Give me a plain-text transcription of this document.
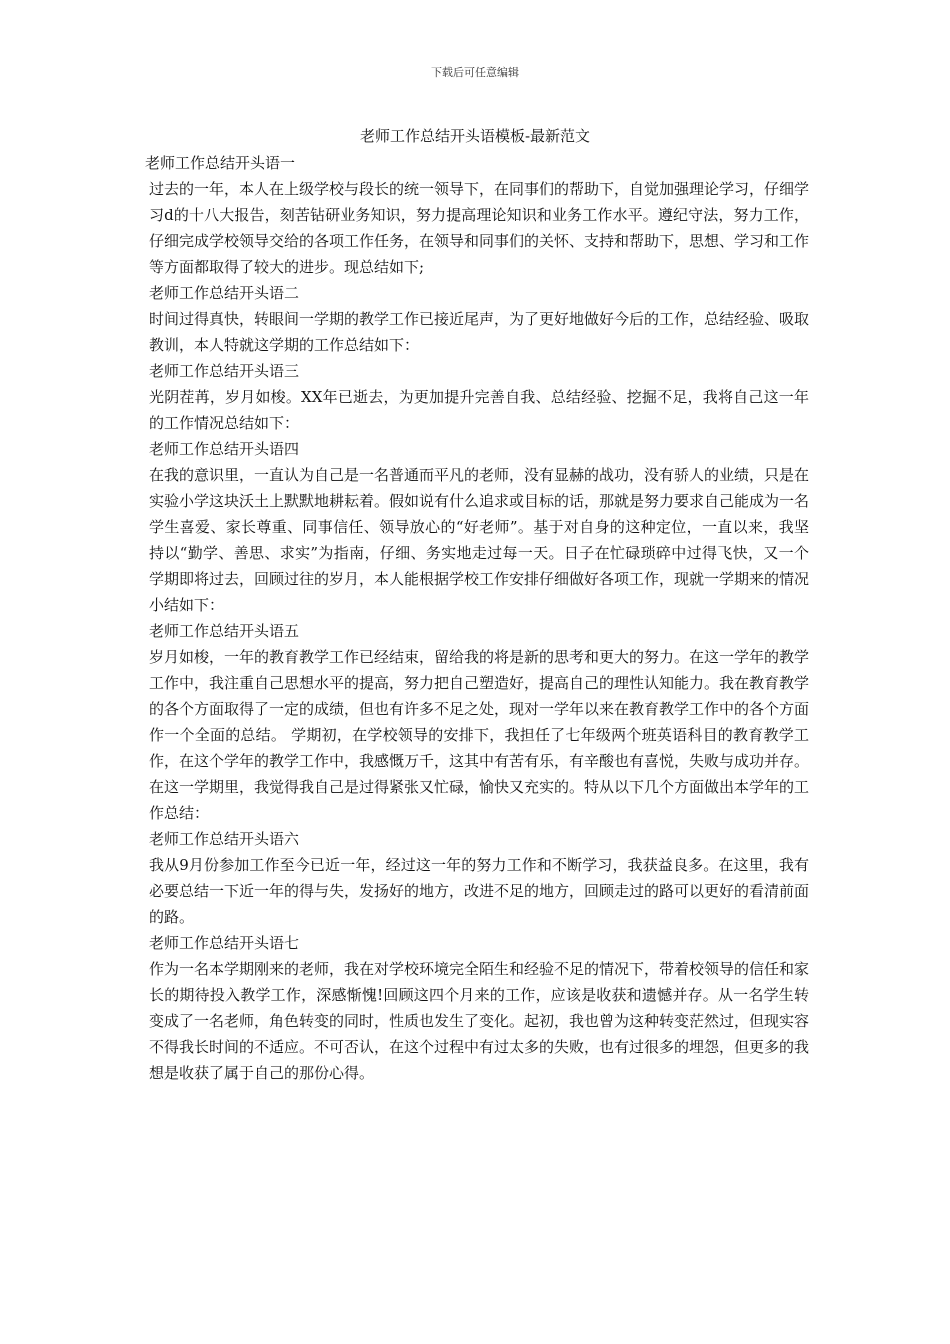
下载后可任意编辑
老师工作总结开头语模板-最新范文
老师工作总结开头语一

过去的一年，本人在上级学校与段长的统一领导下，在同事们的帮助下，自觉加强理论学习，仔细学习d的十八大报告，刻苦钻研业务知识，努力提高理论知识和业务工作水平。遵纪守法，努力工作，仔细完成学校领导交给的各项工作任务，在领导和同事们的关怀、支持和帮助下，思想、学习和工作等方面都取得了较大的进步。现总结如下;

老师工作总结开头语二

时间过得真快，转眼间一学期的教学工作已接近尾声，为了更好地做好今后的工作，总结经验、吸取教训，本人特就这学期的工作总结如下：

老师工作总结开头语三

光阴茬苒，岁月如梭。XX年已逝去，为更加提升完善自我、总结经验、挖掘不足，我将自己这一年的工作情况总结如下：

老师工作总结开头语四

在我的意识里，一直认为自己是一名普通而平凡的老师，没有显赫的战功，没有骄人的业绩，只是在实验小学这块沃土上默默地耕耘着。假如说有什么追求或目标的话，那就是努力要求自己能成为一名学生喜爱、家长尊重、同事信任、领导放心的“好老师”。基于对自身的这种定位，一直以来，我坚持以“勤学、善思、求实”为指南，仔细、务实地走过每一天。日子在忙碌琐碎中过得飞快，又一个学期即将过去，回顾过往的岁月，本人能根据学校工作安排仔细做好各项工作，现就一学期来的情况小结如下：

老师工作总结开头语五

岁月如梭，一年的教育教学工作已经结束，留给我的将是新的思考和更大的努力。在这一学年的教学工作中，我注重自己思想水平的提高，努力把自己塑造好，提高自己的理性认知能力。我在教育教学的各个方面取得了一定的成绩，但也有许多不足之处，现对一学年以来在教育教学工作中的各个方面作一个全面的总结。 学期初，在学校领导的安排下，我担任了七年级两个班英语科目的教育教学工作，在这个学年的教学工作中，我感慨万千，这其中有苦有乐，有辛酸也有喜悦，失败与成功并存。在这一学期里，我觉得我自己是过得紧张又忙碌，愉快又充实的。特从以下几个方面做出本学年的工作总结：

老师工作总结开头语六

我从9月份参加工作至今已近一年，经过这一年的努力工作和不断学习，我获益良多。在这里，我有必要总结一下近一年的得与失，发扬好的地方，改进不足的地方，回顾走过的路可以更好的看清前面的路。

老师工作总结开头语七

作为一名本学期刚来的老师，我在对学校环境完全陌生和经验不足的情况下，带着校领导的信任和家长的期待投入教学工作，深感惭愧!回顾这四个月来的工作，应该是收获和遗憾并存。从一名学生转变成了一名老师，角色转变的同时，性质也发生了变化。起初，我也曾为这种转变茫然过，但现实容不得我长时间的不适应。不可否认，在这个过程中有过太多的失败，也有过很多的埋怨，但更多的我想是收获了属于自己的那份心得。
